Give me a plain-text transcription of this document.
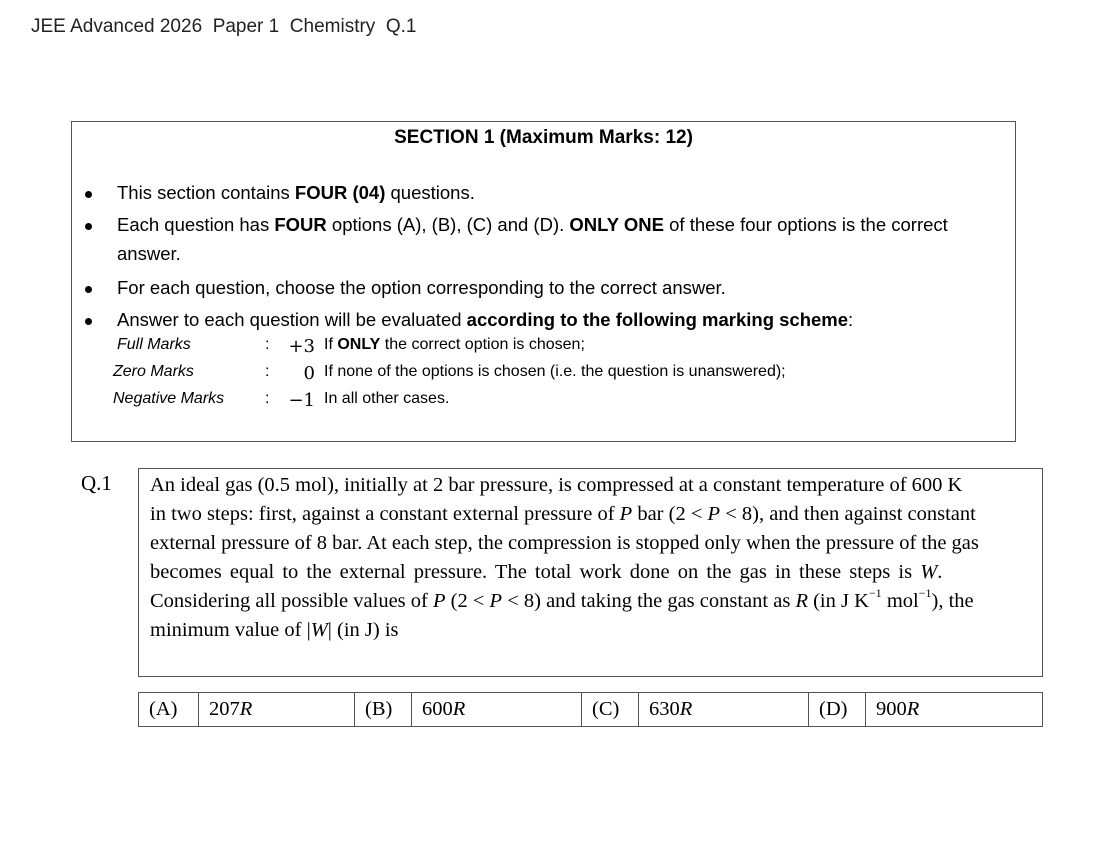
JEE Advanced 2026  Paper 1  Chemistry  Q.1
SECTION 1 (Maximum Marks: 12)
This section contains FOUR (04) questions.
Each question has FOUR options (A), (B), (C) and (D). ONLY ONE of these four options is the correct
answer.
For each question, choose the option corresponding to the correct answer.
Answer to each question will be evaluated according to the following marking scheme:
Full Marks	:	+3 If ONLY the correct option is chosen;
Zero Marks	:	0 If none of the options is chosen (i.e. the question is unanswered);
Negative Marks	:	−1 In all other cases.
Q.1 An ideal gas (0.5 mol), initially at 2 bar pressure, is compressed at a constant temperature of 600 K
in two steps: first, against a constant external pressure of P bar (2 < P < 8), and then against constant
external pressure of 8 bar. At each step, the compression is stopped only when the pressure of the gas
becomes equal to the external pressure. The total work done on the gas in these steps is W.
Considering all possible values of P (2 < P < 8) and taking the gas constant as R (in J $K^{-1}$ mol$^{-1}$), the
minimum value of |W| (in J) is
(A)	207R	(B)	600R	(C)	630R	(D)	900R
